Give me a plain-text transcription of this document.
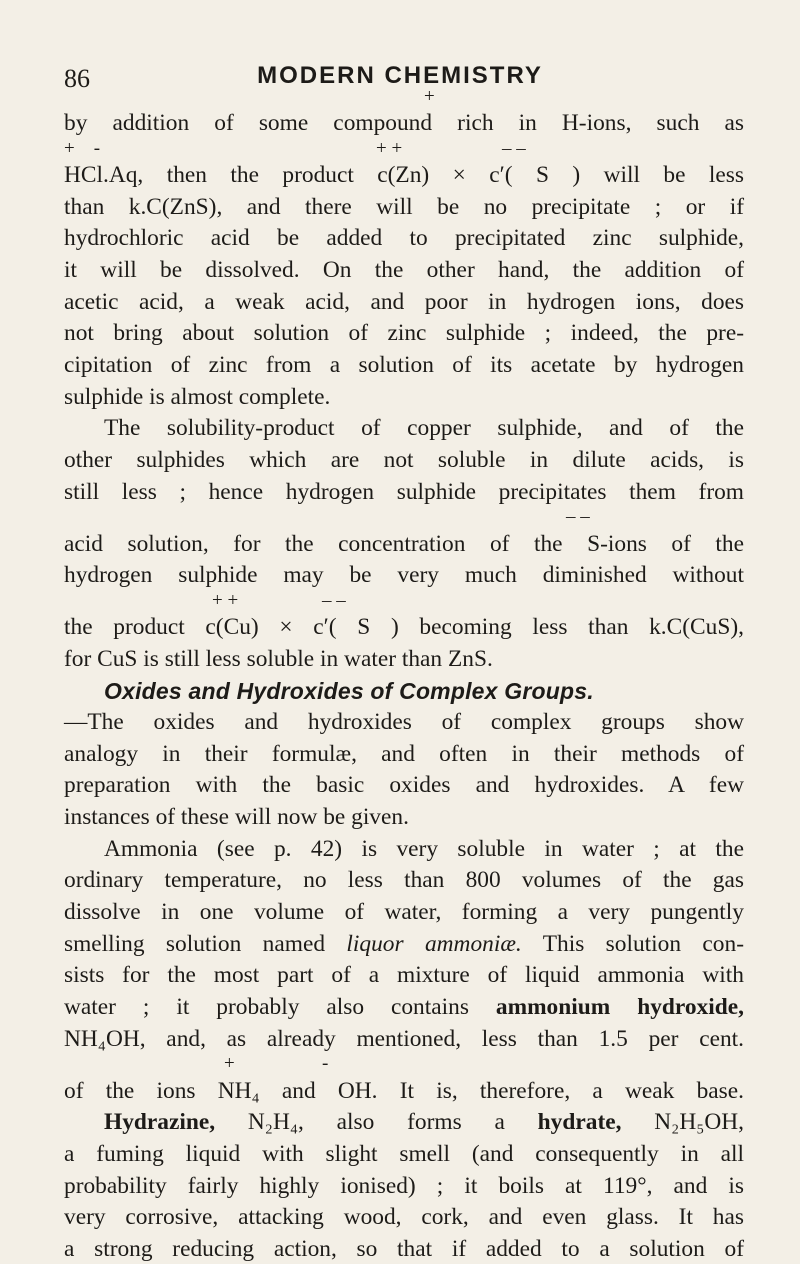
86	MODERN CHEMISTRY
+
by addition of some compound rich in H-ions, such as
+    -	+ +	– –
HCl.Aq, then the product c(Zn) × c′( S ) will be less
than k.C(ZnS), and there will be no precipitate ; or if
hydrochloric acid be added to precipitated zinc sulphide,
it will be dissolved. On the other hand, the addition of
acetic acid, a weak acid, and poor in hydrogen ions, does
not bring about solution of zinc sulphide ; indeed, the pre-
cipitation of zinc from a solution of its acetate by hydrogen
sulphide is almost complete.
The solubility-product of copper sulphide, and of the
other sulphides which are not soluble in dilute acids, is
still less ; hence hydrogen sulphide precipitates them from
– –
acid solution, for the concentration of the S-ions of the
hydrogen sulphide may be very much diminished without
+ +	– –
the product c(Cu) × c′( S ) becoming less than k.C(CuS),
for CuS is still less soluble in water than ZnS.
Oxides and Hydroxides of Complex Groups.
—The oxides and hydroxides of complex groups show
analogy in their formulæ, and often in their methods of
preparation with the basic oxides and hydroxides. A few
instances of these will now be given.
Ammonia (see p. 42) is very soluble in water ; at the
ordinary temperature, no less than 800 volumes of the gas
dissolve in one volume of water, forming a very pungently
smelling solution named liquor ammoniæ. This solution con-
sists for the most part of a mixture of liquid ammonia with
water ; it probably also contains ammonium hydroxide,
NH₄OH, and, as already mentioned, less than 1.5 per cent.
+	-
of the ions NH₄ and OH. It is, therefore, a weak base.
Hydrazine, N₂H₄, also forms a hydrate, N₂H₅OH,
a fuming liquid with slight smell (and consequently in all
probability fairly highly ionised) ; it boils at 119°, and is
very corrosive, attacking wood, cork, and even glass. It has
a strong reducing action, so that if added to a solution of
